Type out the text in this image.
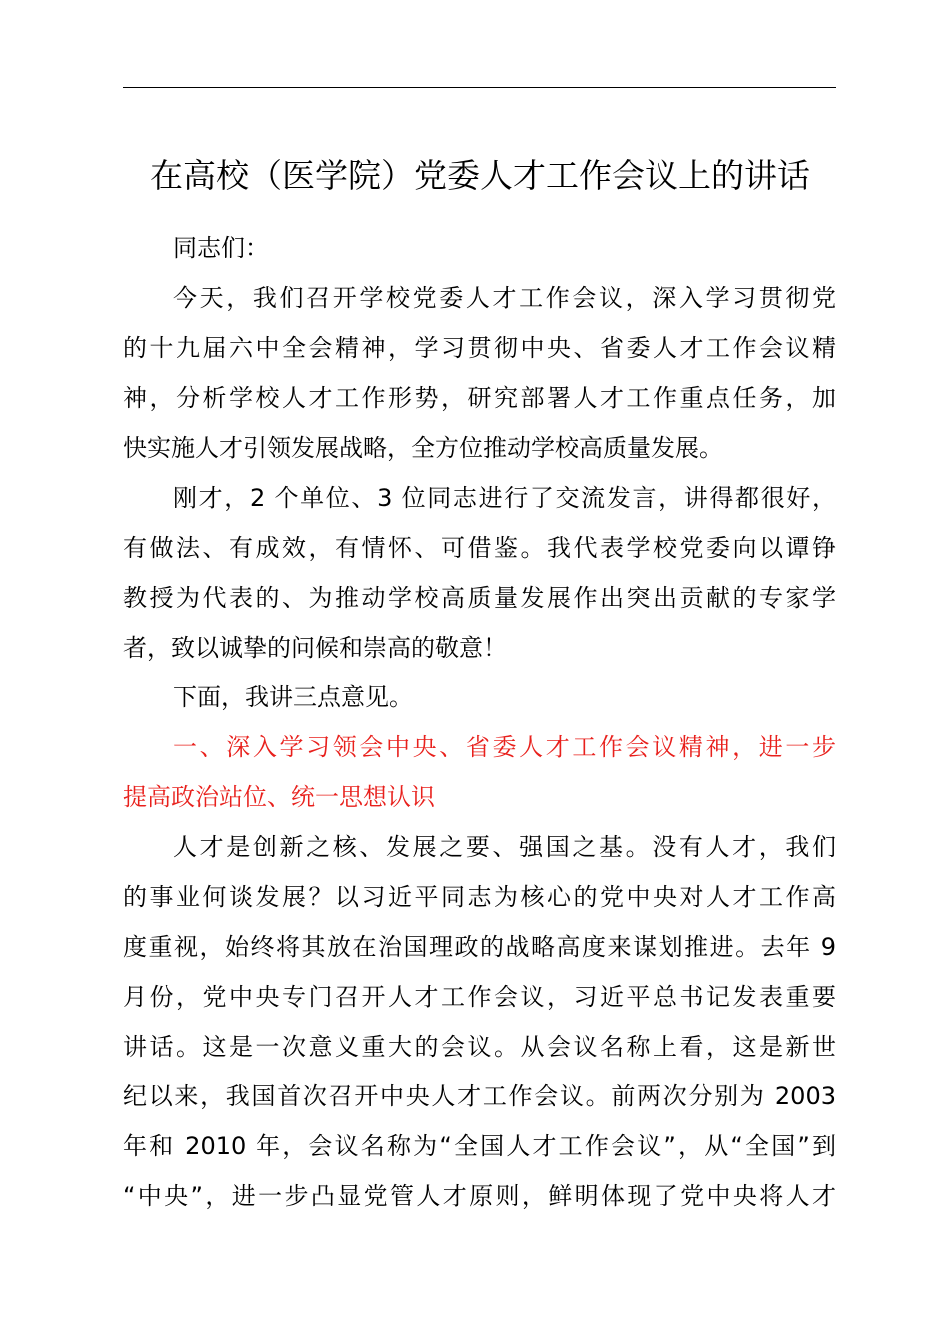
在高校（医学院）党委人才工作会议上的讲话
同志们：
今天，我们召开学校党委人才工作会议，深入学习贯彻党
的十九届六中全会精神，学习贯彻中央、省委人才工作会议精
神，分析学校人才工作形势，研究部署人才工作重点任务，加
快实施人才引领发展战略，全方位推动学校高质量发展。
刚才，2 个单位、3 位同志进行了交流发言，讲得都很好，
有做法、有成效，有情怀、可借鉴。我代表学校党委向以谭铮
教授为代表的、为推动学校高质量发展作出突出贡献的专家学
者，致以诚挚的问候和崇高的敬意！
下面，我讲三点意见。
一、深入学习领会中央、省委人才工作会议精神，进一步
提高政治站位、统一思想认识
人才是创新之核、发展之要、强国之基。没有人才，我们
的事业何谈发展？以习近平同志为核心的党中央对人才工作高
度重视，始终将其放在治国理政的战略高度来谋划推进。去年 9
月份，党中央专门召开人才工作会议，习近平总书记发表重要
讲话。这是一次意义重大的会议。从会议名称上看，这是新世
纪以来，我国首次召开中央人才工作会议。前两次分别为 2003
年和 2010 年，会议名称为“全国人才工作会议”，从“全国”到
“中央”，进一步凸显党管人才原则，鲜明体现了党中央将人才
